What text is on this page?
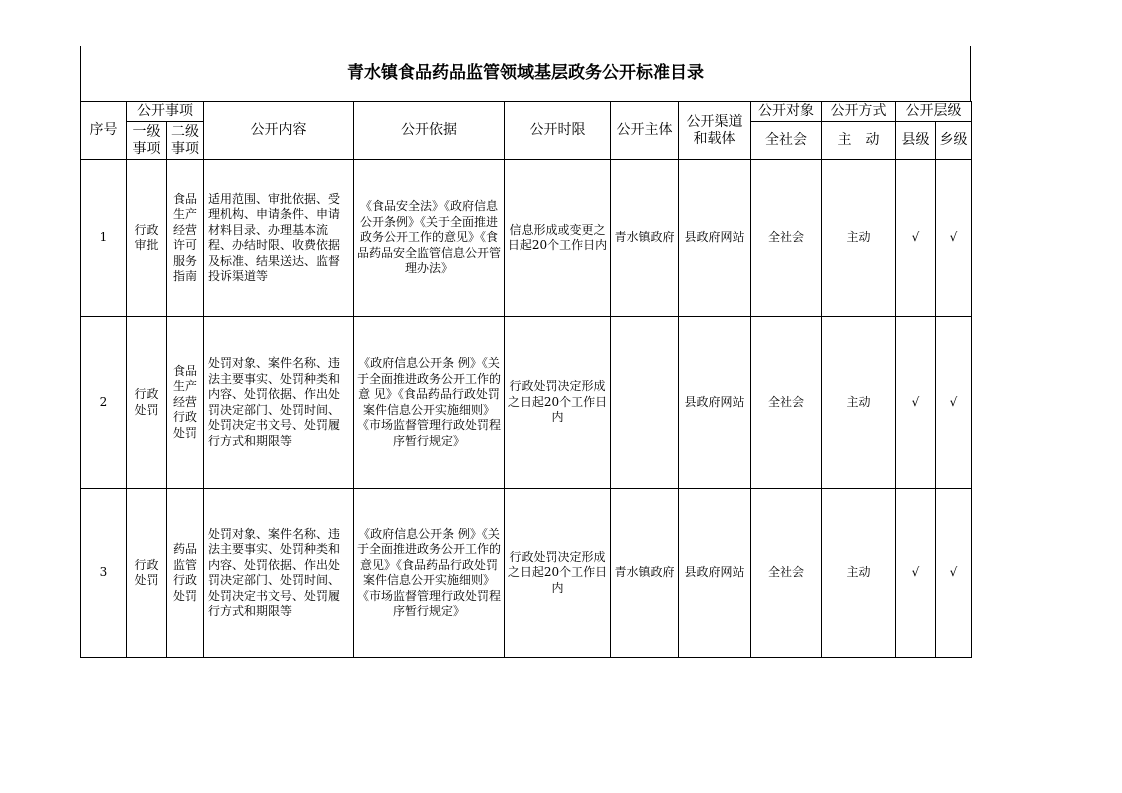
青水镇食品药品监管领域基层政务公开标准目录
序号	公开事项		公开内容	公开依据	公开时限	公开主体	公开渠道和载体	公开对象	公开方式	公开层级	
	一级事项	二级事项						全社会	主　动	县级	乡级
1	行政审批	食品生产经营许可服务指南	适用范围、审批依据、受理机构、申请条件、申请材料目录、办理基本流程、办结时限、收费依据及标准、结果送达、监督投诉渠道等	《食品安全法》《政府信息公开条例》《关于全面推进政务公开工作的意见》《食品药品安全监管信息公开管理办法》	信息形成或变更之日起20个工作日内	青水镇政府	县政府网站	全社会	主动	√	√
2	行政处罚	食品生产经营行政处罚	处罚对象、案件名称、违法主要事实、处罚种类和内容、处罚依据、作出处罚决定部门、处罚时间、处罚决定书文号、处罚履行方式和期限等	《政府信息公开条 例》《关于全面推进政务公开工作的意 见》《食品药品行政处罚案件信息公开实施细则》《市场监督管理行政处罚程序暂行规定》	行政处罚决定形成之日起20个工作日内		县政府网站	全社会	主动	√	√
3	行政处罚	药品监管行政处罚	处罚对象、案件名称、违法主要事实、处罚种类和内容、处罚依据、作出处罚决定部门、处罚时间、处罚决定书文号、处罚履行方式和期限等	《政府信息公开条 例》《关于全面推进政务公开工作的意见》《食品药品行政处罚案件信息公开实施细则》《市场监督管理行政处罚程序暂行规定》	行政处罚决定形成之日起20个工作日内	青水镇政府	县政府网站	全社会	主动	√	√
